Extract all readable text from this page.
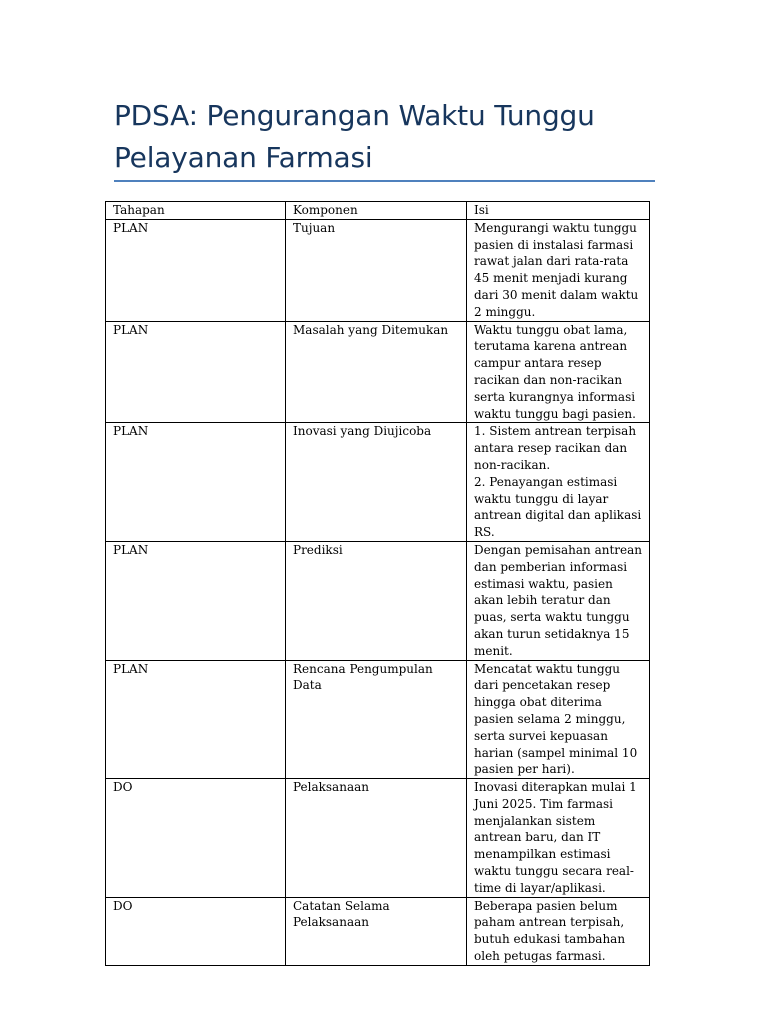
PDSA: Pengurangan Waktu Tunggu Pelayanan Farmasi
Tahapan	Komponen	Isi
PLAN	Tujuan	Mengurangi waktu tunggu pasien di instalasi farmasi rawat jalan dari rata-rata 45 menit menjadi kurang dari 30 menit dalam waktu 2 minggu.

PLAN	Masalah yang Ditemukan	Waktu tunggu obat lama, terutama karena antrean campur antara resep racikan dan non-racikan serta kurangnya informasi waktu tunggu bagi pasien.

PLAN	Inovasi yang Diujicoba	1. Sistem antrean terpisah antara resep racikan dan non-racikan.
2. Penayangan estimasi waktu tunggu di layar antrean digital dan aplikasi RS.

PLAN	Prediksi	Dengan pemisahan antrean dan pemberian informasi estimasi waktu, pasien akan lebih teratur dan puas, serta waktu tunggu akan turun setidaknya 15 menit.

PLAN	Rencana Pengumpulan Data	Mencatat waktu tunggu dari pencetakan resep hingga obat diterima pasien selama 2 minggu, serta survei kepuasan harian (sampel minimal 10 pasien per hari).

DO	Pelaksanaan	Inovasi diterapkan mulai 1 Juni 2025. Tim farmasi menjalankan sistem antrean baru, dan IT menampilkan estimasi waktu tunggu secara real-time di layar/aplikasi.

DO	Catatan Selama Pelaksanaan	Beberapa pasien belum paham antrean terpisah, butuh edukasi tambahan oleh petugas farmasi.
